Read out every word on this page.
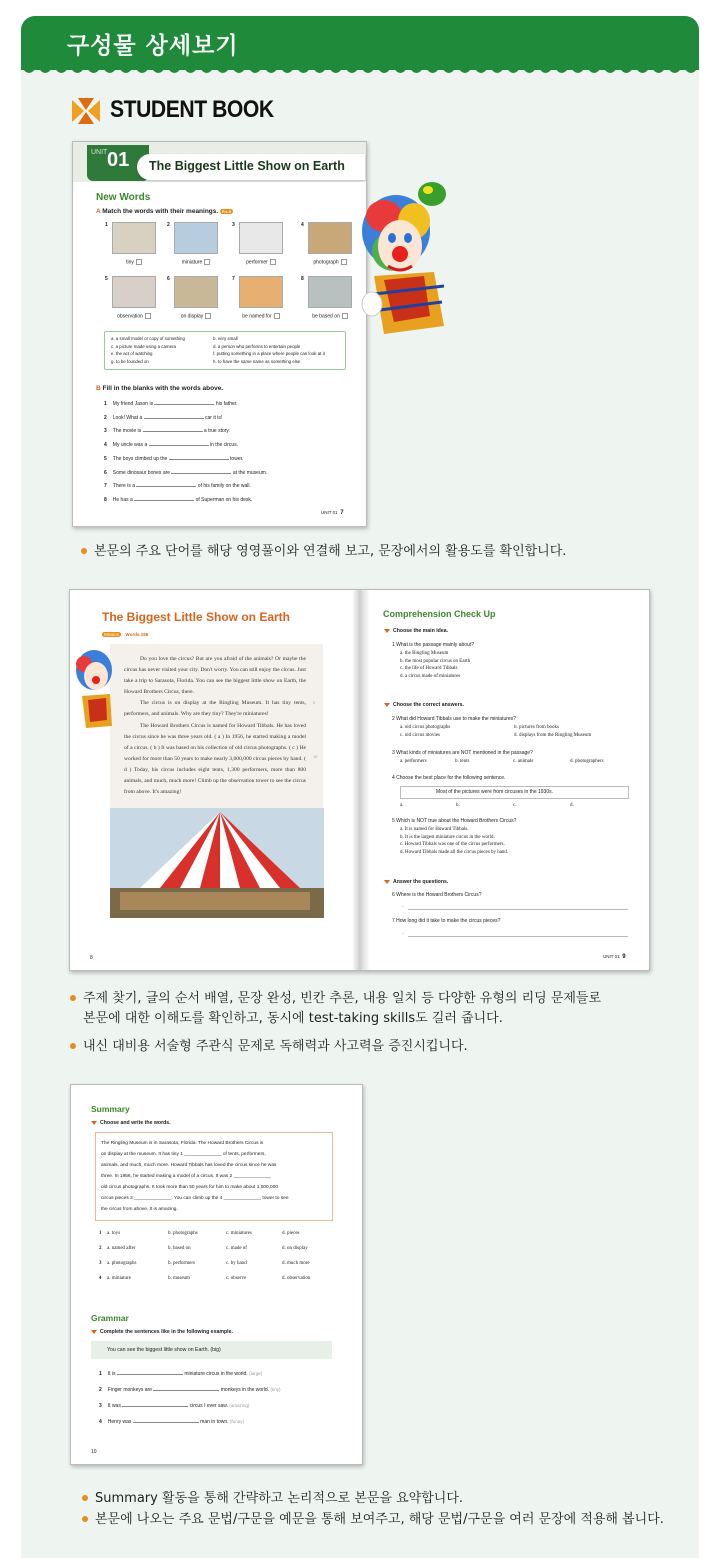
구성물 상세보기
STUDENT BOOK
UNIT 01 The Biggest Little Show on Earth
New Words
A Match the words with their meanings. P.4-5
a. a small model or copy of something
c. a picture made using a camera
e. the act of watching
g. to be founded on
b. very small
d. a person who performs to entertain people
f. putting something in a place where people can look at it
h. to have the same name as something else
B Fill in the blanks with the words above.
1 My friend Jason is	his father.
2 Look! What a	car it is!
3 The movie is	a true story.
4 My uncle was a	in the circus.
5 The boys climbed up the	tower.
6 Some dinosaur bones are	at the museum.
7 There is a	of his family on the wall.
8 He has a	of Superman on his desk.
UNIT 01 7
1
tiny
2
miniature
3
performer
4
photograph
5
observation
6
on display
7
be named for
8
be based on
본문의 주요 단어를 해당 영영풀이와 연결해 보고, 문장에서의 활용도를 확인합니다.
The Biggest Little Show on Earth
Mission Words 158

Do you love the circus? But are you afraid of the animals? Or maybe the circus has never visited your city. Don't worry. You can still enjoy the circus. Just take a trip to Sarasota, Florida. You can see the biggest little show on Earth, the Howard Brothers Circus, there.

The circus is on display at the Ringling Museum. It has tiny tents, performers, and animals. Why are they tiny? They're miniatures!

The Howard Brothers Circus is named for Howard Tibbals. He has loved the circus since he was three years old. ( a ) In 1956, he started making a model of a circus. ( b ) It was based on his collection of old circus photographs. ( c ) He worked for more than 50 years to make nearly 3,000,000 circus pieces by hand. ( d ) Today, his circus includes eight tents, 1,300 performers, more than 800 animals, and much, much more! Climb up the observation tower to see the circus from above. It's amazing!

5
10
8
Comprehension Check Up
Most of the pictures were from circuses in the 1930s.
UNIT 01 9
Choose the main idea.
1 What is the passage mainly about?
a. the Ringling Museum
b. the most popular circus on Earth
c. the life of Howard Tibbals
d. a circus made of miniatures
Choose the correct answers.
2 What did Howard Tibbals use to make the miniatures?
a. old circus photographs	b. pictures from books
c. old circus movies	d. displays from the Ringling Museum
3 What kinds of miniatures are NOT mentioned in the passage?
a. performers	b. tents	c. animals	d. photographers
4 Choose the best place for the following sentence.
a.	b.	c.	d.
5 Which is NOT true about the Howard Brothers Circus?
a. It is named for Howard Tibbals.
b. It is the largest miniature circus in the world.
c. Howard Tibbals was one of the circus performers.
d. Howard Tibbals made all the circus pieces by hand.
Answer the questions.
6 Where is the Howard Brothers Circus?
→
7 How long did it take to make the circus pieces?
→
주제 찾기, 글의 순서 배열, 문장 완성, 빈칸 추론, 내용 일치 등 다양한 유형의 리딩 문제들로
본문에 대한 이해도를 확인하고, 동시에 test-taking skills도 길러 줍니다.
내신 대비용 서술형 주관식 문제로 독해력과 사고력을 증진시킵니다.
Summary
Choose and write the words.
The Ringling Museum is in Sarasota, Florida. The Howard Brothers Circus is
on display at the museum. It has tiny 1 ______________ of tents, performers,
animals, and much, much more. Howard Tibbals has loved the circus since he was
three. In 1956, he started making a model of a circus. It was 2 ______________
old circus photographs. It took more than 50 years for him to make about 1,000,000
circus pieces 3 ______________. You can climb up the 4 ______________ tower to see
the circus from above. It is amazing.
Grammar
Complete the sentences like in the following example.
You can see the biggest little show on Earth. (big)
10
1 a. toys	b. photographs	c. miniatures	d. pieces
2 a. named after	b. based on	c. made of	d. on display
3 a. photographs	b. performers	c. by hand	d. much more
4 a. miniature	b. museum	c. observe	d. observation
1 It is	miniature circus in the world. (large)
2 Finger monkeys are	monkeys in the world. (tiny)
3 It was	circus I ever saw. (amazing)
4 Henry was	man in town. (funny)
Summary 활동을 통해 간략하고 논리적으로 본문을 요약합니다.
본문에 나오는 주요 문법/구문을 예문을 통해 보여주고, 해당 문법/구문을 여러 문장에 적용해 봅니다.
